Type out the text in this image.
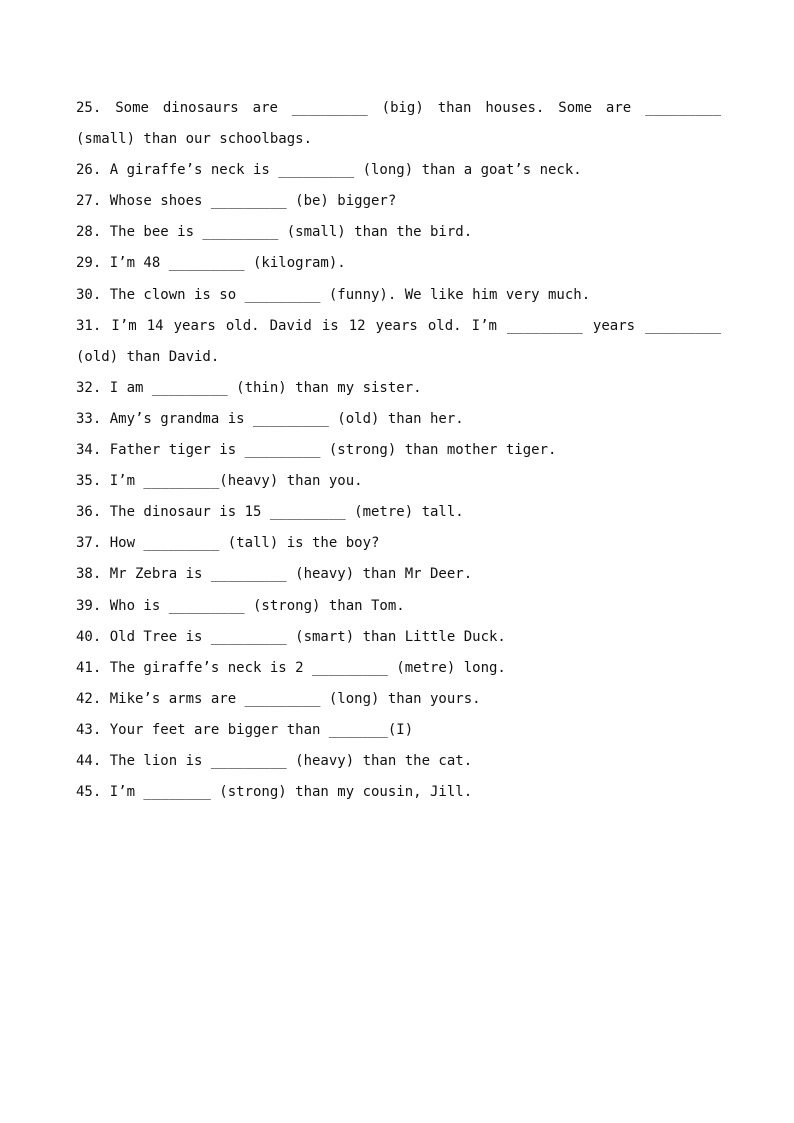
25. Some dinosaurs are _________ (big) than houses. Some are _________ (small) than our schoolbags.
26. A giraffe’s neck is _________ (long) than a goat’s neck.
27. Whose shoes _________ (be) bigger?
28. The bee is _________ (small) than the bird.
29. I’m 48 _________ (kilogram).
30. The clown is so _________ (funny). We like him very much.
31. I’m 14 years old. David is 12 years old. I’m _________ years _________ (old) than David.
32. I am _________ (thin) than my sister.
33. Amy’s grandma is _________ (old) than her.
34. Father tiger is _________ (strong) than mother tiger.
35. I’m _________(heavy) than you.
36. The dinosaur is 15 _________ (metre) tall.
37. How _________ (tall) is the boy?
38. Mr Zebra is _________ (heavy) than Mr Deer.
39. Who is _________ (strong) than Tom.
40. Old Tree is _________ (smart) than Little Duck.
41. The giraffe’s neck is 2 _________ (metre) long.
42. Mike’s arms are _________ (long) than yours.
43. Your feet are bigger than _______(I)
44. The lion is _________ (heavy) than the cat.
45. I’m ________ (strong) than my cousin, Jill.
